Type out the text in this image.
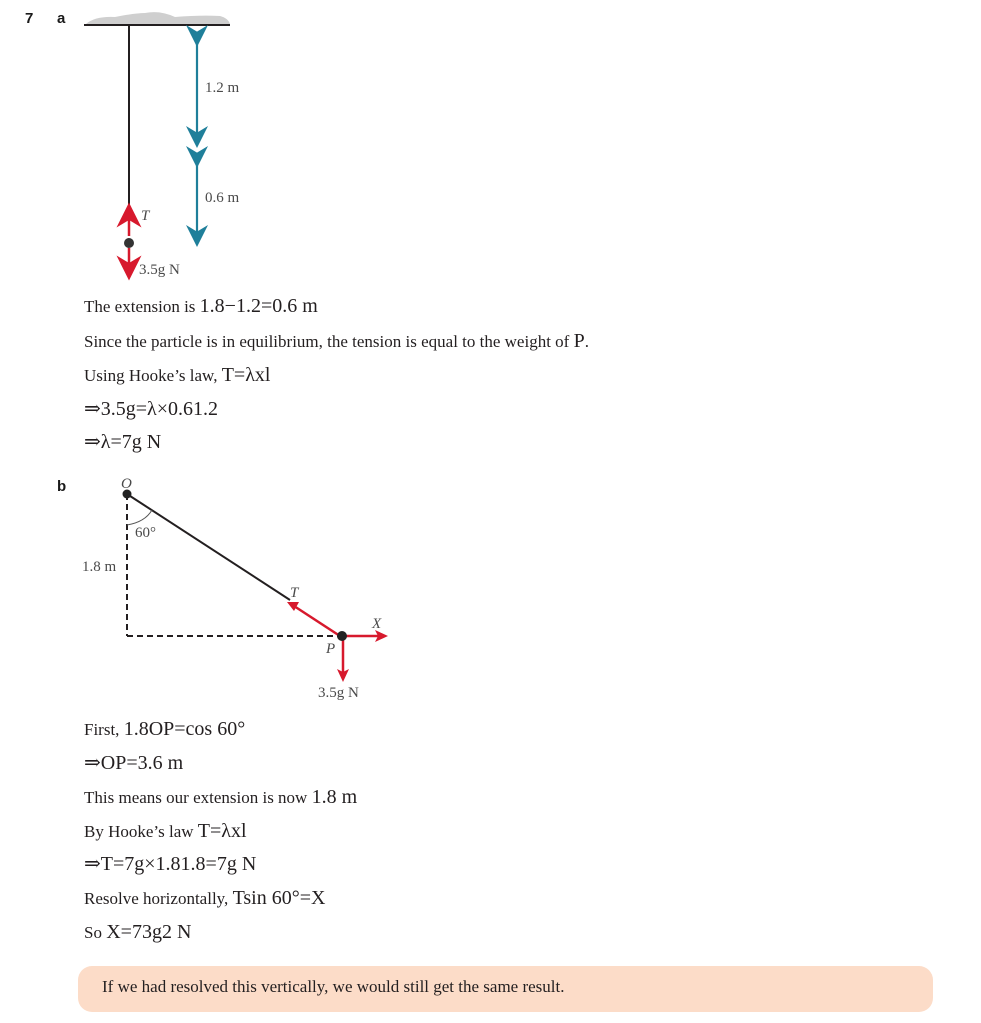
7 a
1.2 m
0.6 m
T
3.5g N
The extension is 1.8−1.2=0.6 m
Since the particle is in equilibrium, the tension is equal to the weight of P.
Using Hooke’s law, T=λxl
⇒3.5g=λ×0.61.2
⇒λ=7g N
b	O
60°
1.8 m
T
X
P
3.5g N
First, 1.8OP=cos 60°
⇒OP=3.6 m
This means our extension is now 1.8 m
By Hooke’s law T=λxl
⇒T=7g×1.81.8=7g N
Resolve horizontally, Tsin 60°=X
So X=73g2 N
If we had resolved this vertically, we would still get the same result.
